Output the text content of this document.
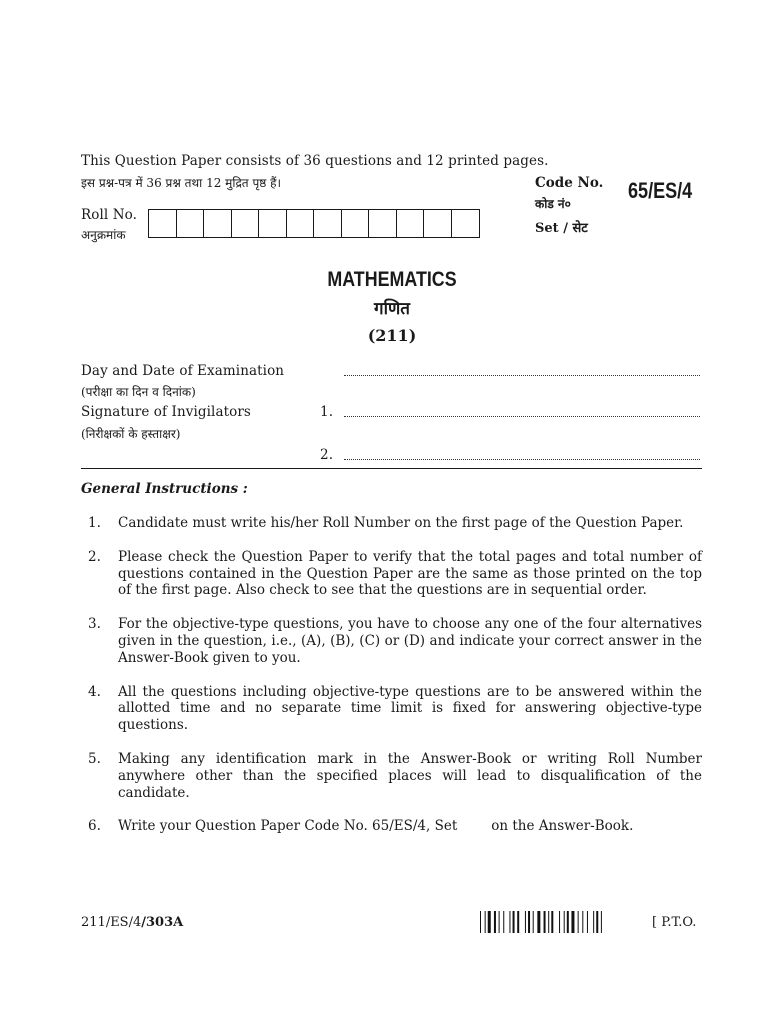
This Question Paper consists of 36 questions and 12 printed pages.
इस प्रश्न-पत्र में 36 प्रश्न तथा 12 मुद्रित पृष्ठ हैं।	Code No.
कोड नं०
Set / सेट
65/ES/4
Roll No.
अनुक्रमांक
MATHEMATICS
गणित
(211)
Day and Date of Examination
(परीक्षा का दिन व दिनांक)
Signature of Invigilators
(निरीक्षकों के हस्ताक्षर)
1.
2.
General Instructions :
1.	Candidate must write his/her Roll Number on the first page of the Question Paper.
2.	Please check the Question Paper to verify that the total pages and total number of questions contained in the Question Paper are the same as those printed on the top of the first page. Also check to see that the questions are in sequential order.
3.	For the objective-type questions, you have to choose any one of the four alternatives given in the question, i.e., (A), (B), (C) or (D) and indicate your correct answer in the Answer-Book given to you.
4.	All the questions including objective-type questions are to be answered within the allotted time and no separate time limit is fixed for answering objective-type questions.
5.	Making any identification mark in the Answer-Book or writing Roll Number anywhere other than the specified places will lead to disqualification of the candidate.
6.	Write your Question Paper Code No. 65/ES/4, Set	on the Answer-Book.
211/ES/4/303A	[ P.T.O.
